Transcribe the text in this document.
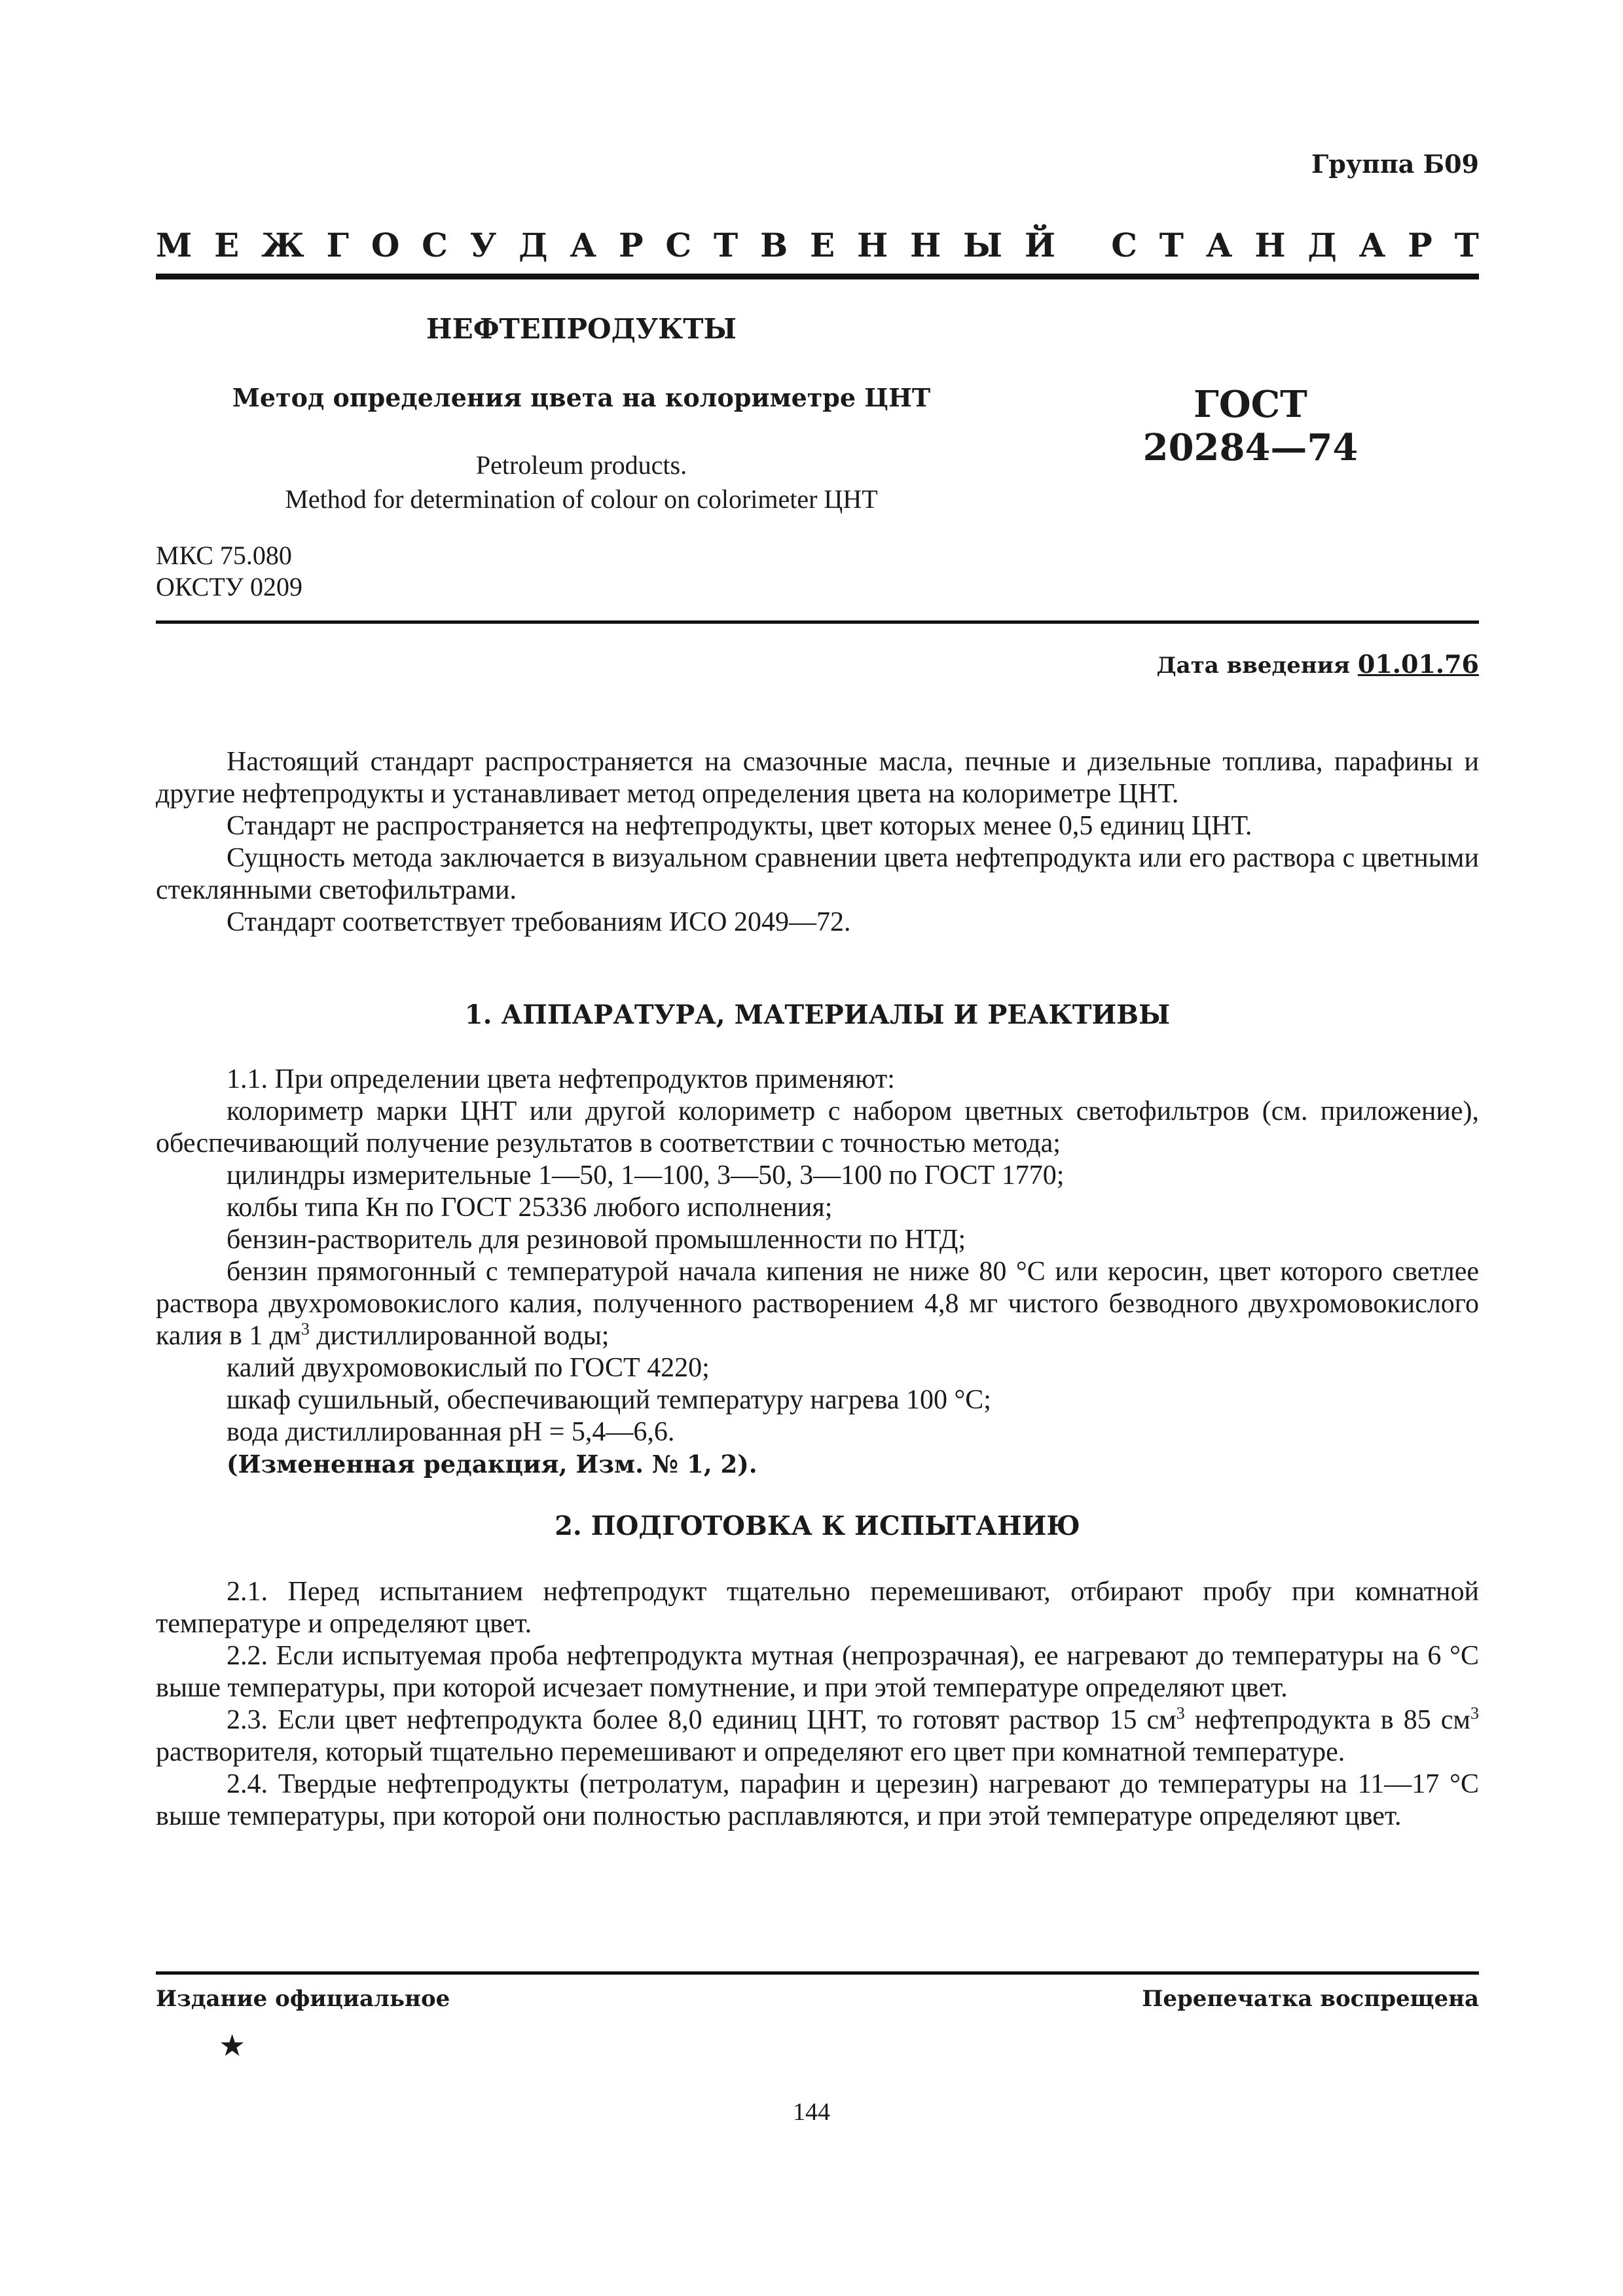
Группа Б09
М Е Ж Г О С У Д А Р С Т В Е Н Н Ы Й
С Т А Н Д А Р Т
НЕФТЕПРОДУКТЫ
Метод определения цвета на колориметре ЦНТ
Petroleum products.
Method for determination of colour on colorimeter ЦНТ
ГОСТ
20284—74
МКС 75.080
ОКСТУ 0209
Дата введения 01.01.76

Настоящий стандарт распространяется на смазочные масла, печные и дизельные топлива, парафины и другие нефтепродукты и устанавливает метод определения цвета на колориметре ЦНТ.

Стандарт не распространяется на нефтепродукты, цвет которых менее 0,5 единиц ЦНТ.

Сущность метода заключается в визуальном сравнении цвета нефтепродукта или его раствора с цветными стеклянными светофильтрами.

Стандарт соответствует требованиям ИСО 2049—72.

1. АППАРАТУРА, МАТЕРИАЛЫ И РЕАКТИВЫ

1.1. При определении цвета нефтепродуктов применяют:

колориметр марки ЦНТ или другой колориметр с набором цветных светофильтров (см. приложение), обеспечивающий получение результатов в соответствии с точностью метода;

цилиндры измерительные 1—50, 1—100, 3—50, 3—100 по ГОСТ 1770;

колбы типа Кн по ГОСТ 25336 любого исполнения;

бензин-растворитель для резиновой промышленности по НТД;

бензин прямогонный с температурой начала кипения не ниже 80 °С или керосин, цвет которого светлее раствора двухромовокислого калия, полученного растворением 4,8 мг чистого безводного двухромовокислого калия в 1 $дм^3$ дистиллированной воды;

калий двухромовокислый по ГОСТ 4220;

шкаф сушильный, обеспечивающий температуру нагрева 100 °С;

вода дистиллированная рН = 5,4—6,6.

(Измененная редакция, Изм. № 1, 2).

2. ПОДГОТОВКА К ИСПЫТАНИЮ

2.1. Перед испытанием нефтепродукт тщательно перемешивают, отбирают пробу при комнатной температуре и определяют цвет.

2.2. Если испытуемая проба нефтепродукта мутная (непрозрачная), ее нагревают до температуры на 6 °С выше температуры, при которой исчезает помутнение, и при этой температуре определяют цвет.

2.3. Если цвет нефтепродукта более 8,0 единиц ЦНТ, то готовят раствор 15 $см^3$ нефтепродукта в 85 $см^3$ растворителя, который тщательно перемешивают и определяют его цвет при комнатной температуре.

2.4. Твердые нефтепродукты (петролатум, парафин и церезин) нагревают до температуры на 11—17 °С выше температуры, при которой они полностью расплавляются, и при этой температуре определяют цвет.

Издание официальное	Перепечатка воспрещена
★
144
